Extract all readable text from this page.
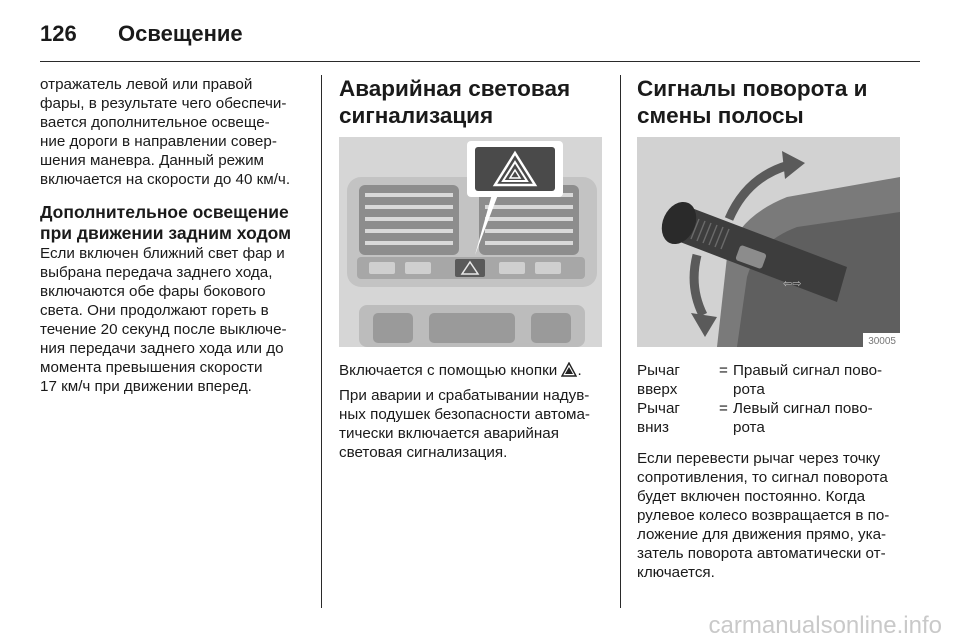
126	Освещение
отражатель левой или правой
фары, в результате чего обеспечи-
вается дополнительное освеще-
ние дороги в направлении совер-
шения маневра. Данный режим
включается на скорости до 40 км/ч.
Дополнительное освещение
при движении задним ходом
Если включен ближний свет фар и
выбрана передача заднего хода,
включаются обе фары бокового
света. Они продолжают гореть в
течение 20 секунд после выключе-
ния передачи заднего хода или до
момента превышения скорости
17 км/ч при движении вперед.
Аварийная световая
сигнализация
Включается с помощью кнопки .
При аварии и срабатывании надув-
ных подушек безопасности автома-
тически включается аварийная
световая сигнализация.
Сигналы поворота и
смены полосы
⇦⇨
30005
Рычаг
вверх
= Правый сигнал пово-
рота
Рычаг
вниз
= Левый сигнал пово-
рота
Если перевести рычаг через точку
сопротивления, то сигнал поворота
будет включен постоянно. Когда
рулевое колесо возвращается в по-
ложение для движения прямо, ука-
затель поворота автоматически от-
ключается.
carmanualsonline.info
